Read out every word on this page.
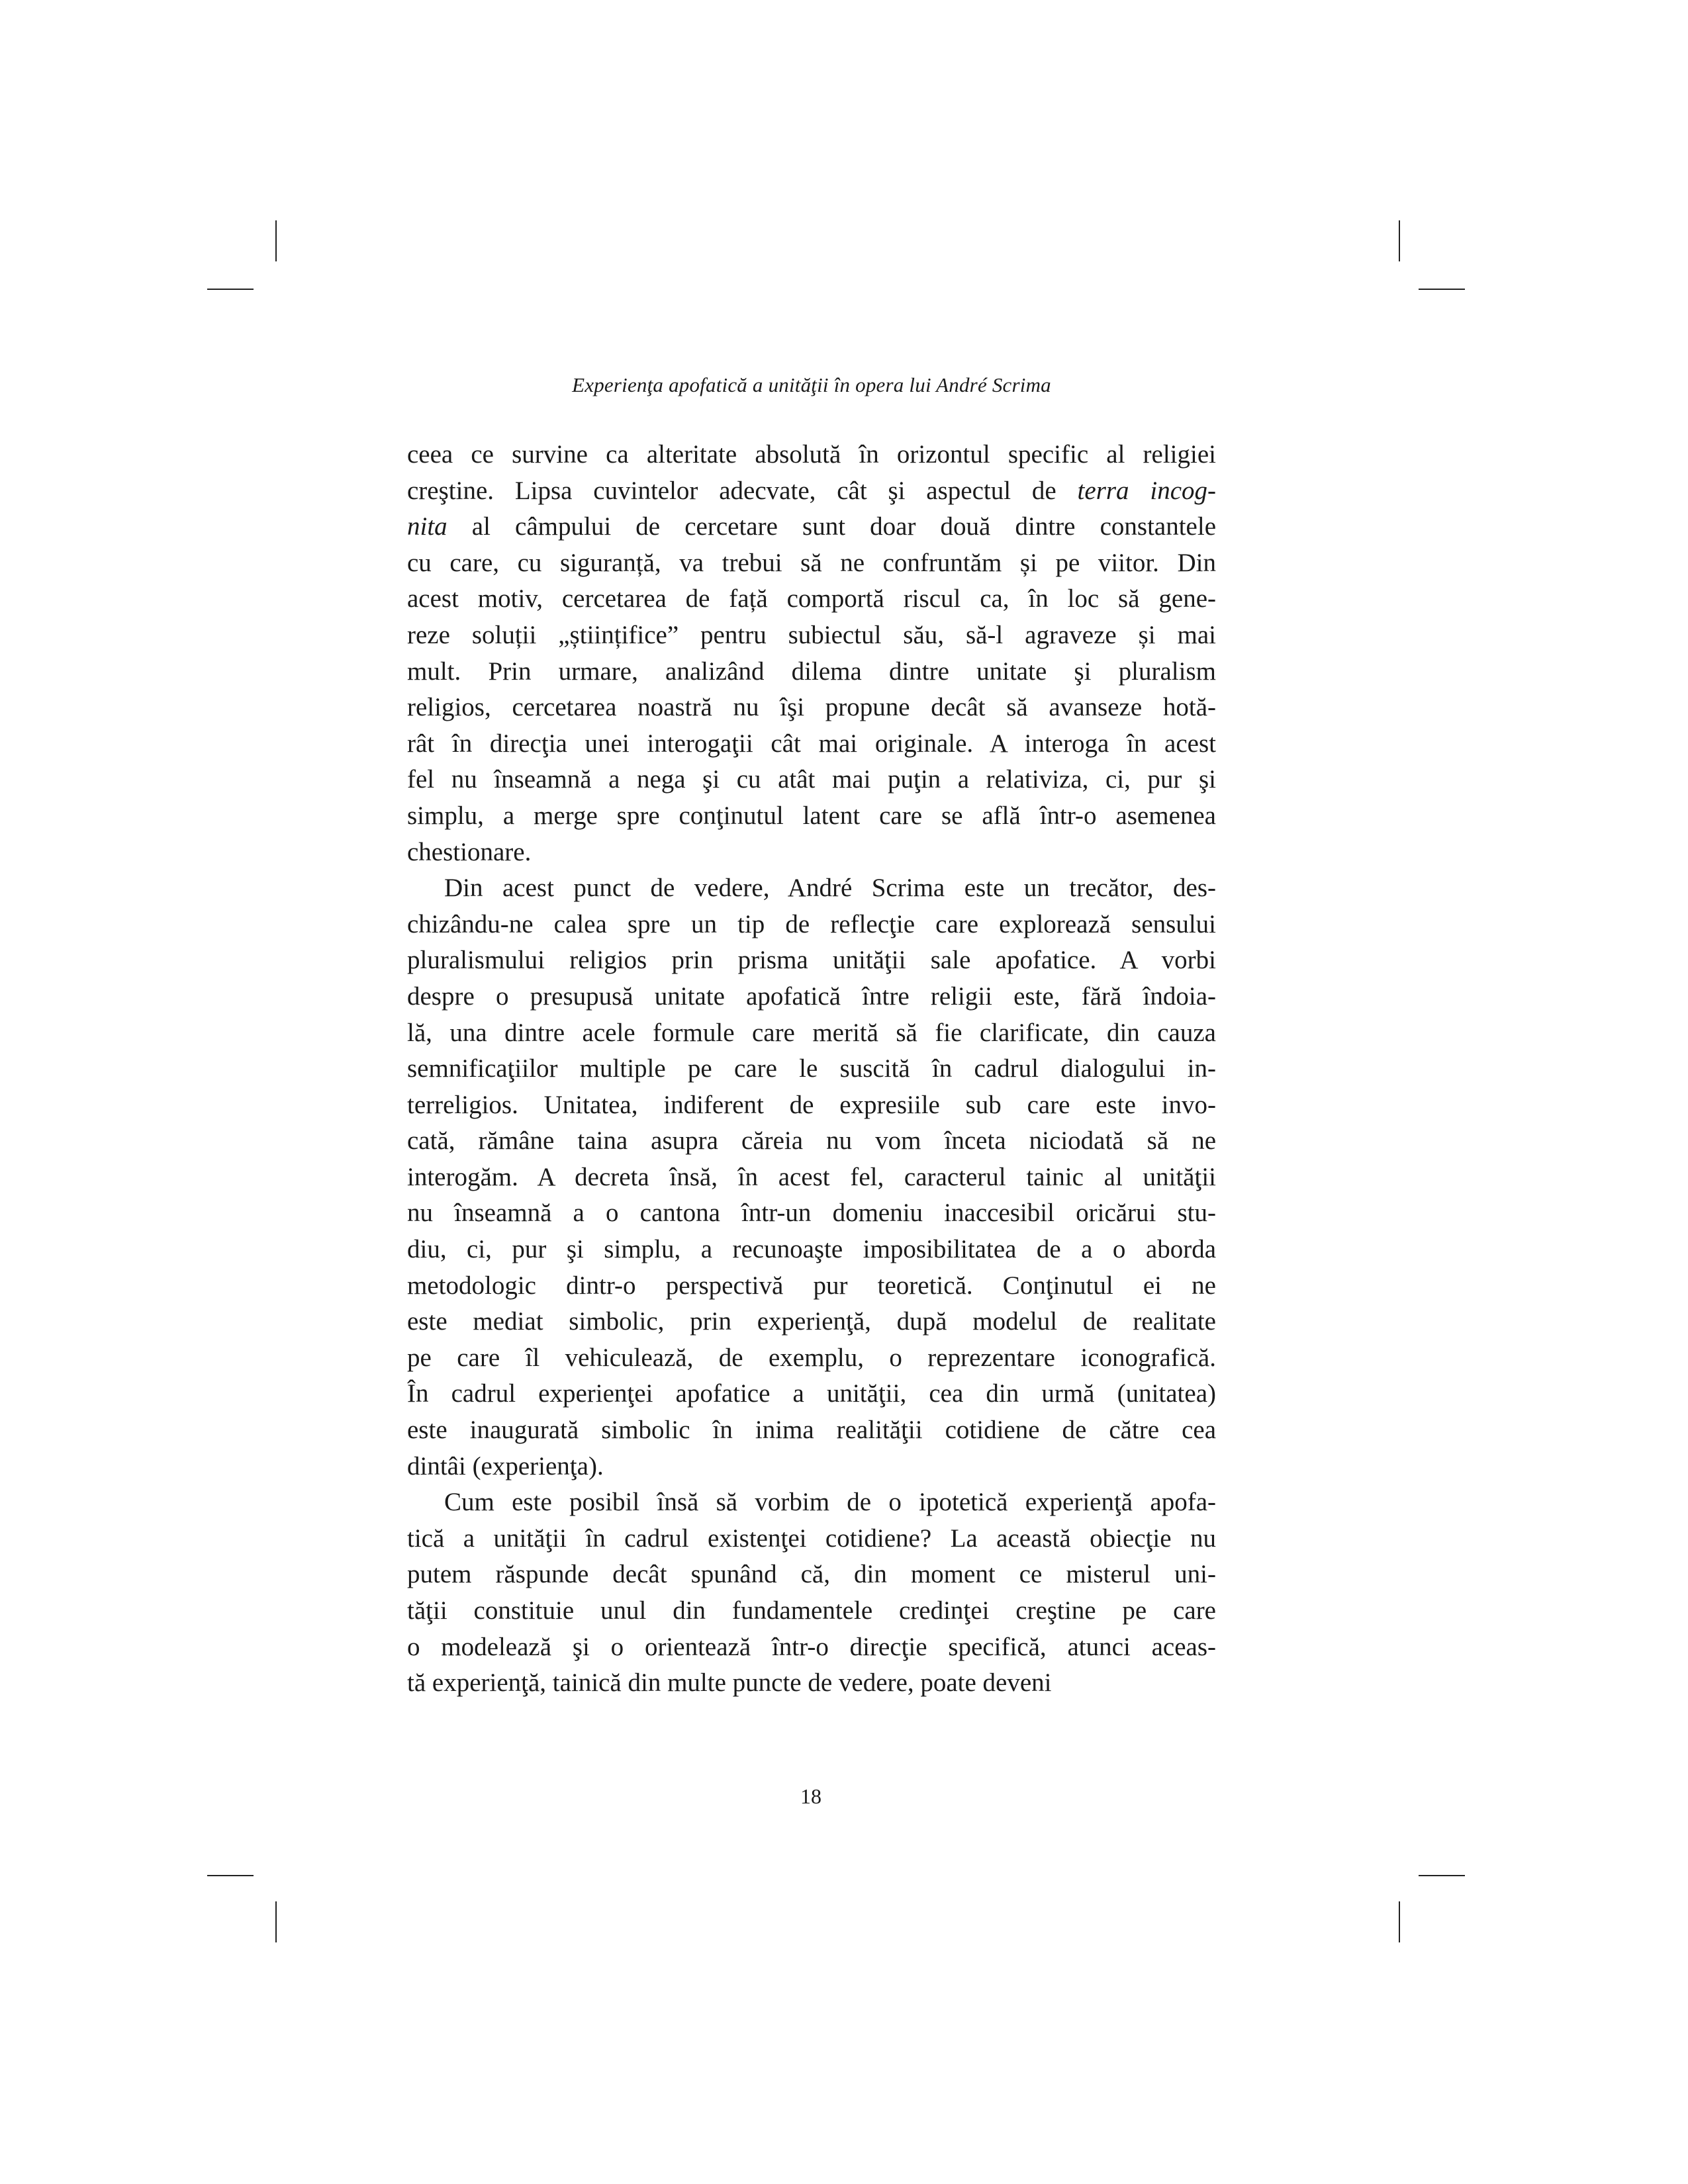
Experienţa apofatică a unităţii în opera lui André Scrima
ceea ce survine ca alteritate absolută în orizontul specific al religiei
creştine. Lipsa cuvintelor adecvate, cât şi aspectul de terra incog-
nita al câmpului de cercetare sunt doar două dintre constantele
cu care, cu siguranță, va trebui să ne confruntăm și pe viitor. Din
acest motiv, cercetarea de față comportă riscul ca, în loc să gene-
reze soluții „științifice” pentru subiectul său, să-l agraveze și mai
mult. Prin urmare, analizând dilema dintre unitate şi pluralism
religios, cercetarea noastră nu îşi propune decât să avanseze hotă-
rât în direcţia unei interogaţii cât mai originale. A interoga în acest
fel nu înseamnă a nega şi cu atât mai puţin a relativiza, ci, pur şi
simplu, a merge spre conţinutul latent care se află într-o asemenea
chestionare.
Din acest punct de vedere, André Scrima este un trecător, des-
chizându-ne calea spre un tip de reflecţie care explorează sensului
pluralismului religios prin prisma unităţii sale apofatice. A vorbi
despre o presupusă unitate apofatică între religii este, fără îndoia-
lă, una dintre acele formule care merită să fie clarificate, din cauza
semnificaţiilor multiple pe care le suscită în cadrul dialogului in-
terreligios. Unitatea, indiferent de expresiile sub care este invo-
cată, rămâne taina asupra căreia nu vom înceta niciodată să ne
interogăm. A decreta însă, în acest fel, caracterul tainic al unităţii
nu înseamnă a o cantona într-un domeniu inaccesibil oricărui stu-
diu, ci, pur şi simplu, a recunoaşte imposibilitatea de a o aborda
metodologic dintr-o perspectivă pur teoretică. Conţinutul ei ne
este mediat simbolic, prin experienţă, după modelul de realitate
pe care îl vehiculează, de exemplu, o reprezentare iconografică.
În cadrul experienţei apofatice a unităţii, cea din urmă (unitatea)
este inaugurată simbolic în inima realităţii cotidiene de către cea
dintâi (experienţa).
Cum este posibil însă să vorbim de o ipotetică experienţă apofa-
tică a unităţii în cadrul existenţei cotidiene? La această obiecţie nu
putem răspunde decât spunând că, din moment ce misterul uni-
tăţii constituie unul din fundamentele credinţei creştine pe care
o modelează şi o orientează într-o direcţie specifică, atunci aceas-
tă experienţă, tainică din multe puncte de vedere, poate deveni
18
